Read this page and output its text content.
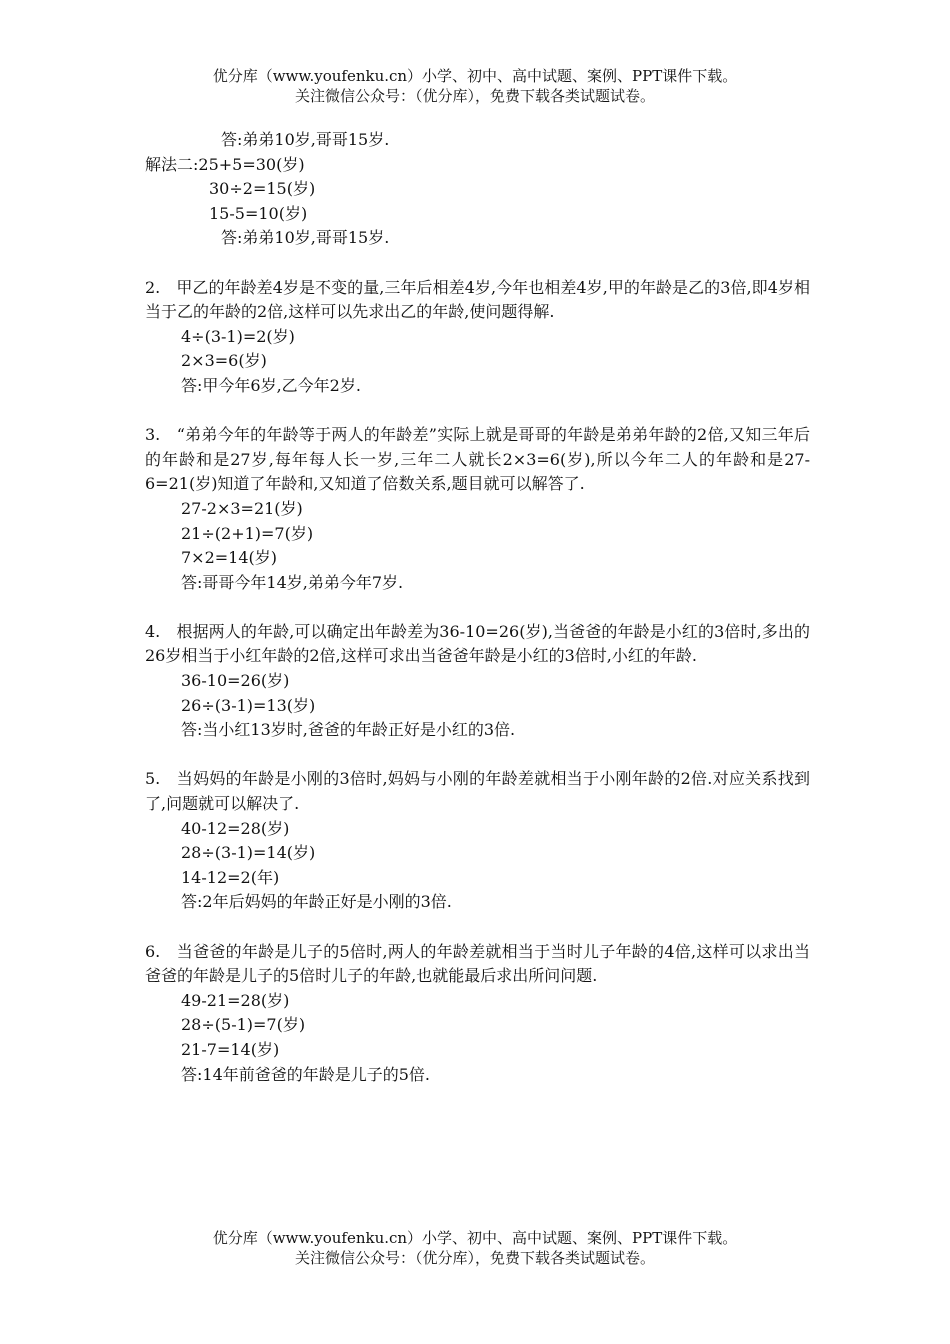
优分库（www.youfenku.cn）小学、初中、高中试题、案例、PPT课件下载。
关注微信公众号：（优分库），免费下载各类试题试卷。
答:弟弟10岁,哥哥15岁.
解法二:25+5=30(岁)
30÷2=15(岁)
15-5=10(岁)
答:弟弟10岁,哥哥15岁.
2.　甲乙的年龄差4岁是不变的量,三年后相差4岁,今年也相差4岁,甲的年龄是乙的3倍,即4岁相当于乙的年龄的2倍,这样可以先求出乙的年龄,使问题得解.
4÷(3-1)=2(岁)
2×3=6(岁)
答:甲今年6岁,乙今年2岁.
3.　“弟弟今年的年龄等于两人的年龄差”实际上就是哥哥的年龄是弟弟年龄的2倍,又知三年后的年龄和是27岁,每年每人长一岁,三年二人就长2×3=6(岁),所以今年二人的年龄和是27-6=21(岁)知道了年龄和,又知道了倍数关系,题目就可以解答了.
27-2×3=21(岁)
21÷(2+1)=7(岁)
7×2=14(岁)
答:哥哥今年14岁,弟弟今年7岁.
4.　根据两人的年龄,可以确定出年龄差为36-10=26(岁),当爸爸的年龄是小红的3倍时,多出的26岁相当于小红年龄的2倍,这样可求出当爸爸年龄是小红的3倍时,小红的年龄.
36-10=26(岁)
26÷(3-1)=13(岁)
答:当小红13岁时,爸爸的年龄正好是小红的3倍.
5.　当妈妈的年龄是小刚的3倍时,妈妈与小刚的年龄差就相当于小刚年龄的2倍.对应关系找到了,问题就可以解决了.
40-12=28(岁)
28÷(3-1)=14(岁)
14-12=2(年)
答:2年后妈妈的年龄正好是小刚的3倍.
6.　当爸爸的年龄是儿子的5倍时,两人的年龄差就相当于当时儿子年龄的4倍,这样可以求出当爸爸的年龄是儿子的5倍时儿子的年龄,也就能最后求出所问问题.
49-21=28(岁)
28÷(5-1)=7(岁)
21-7=14(岁)
答:14年前爸爸的年龄是儿子的5倍.
优分库（www.youfenku.cn）小学、初中、高中试题、案例、PPT课件下载。
关注微信公众号：（优分库），免费下载各类试题试卷。
